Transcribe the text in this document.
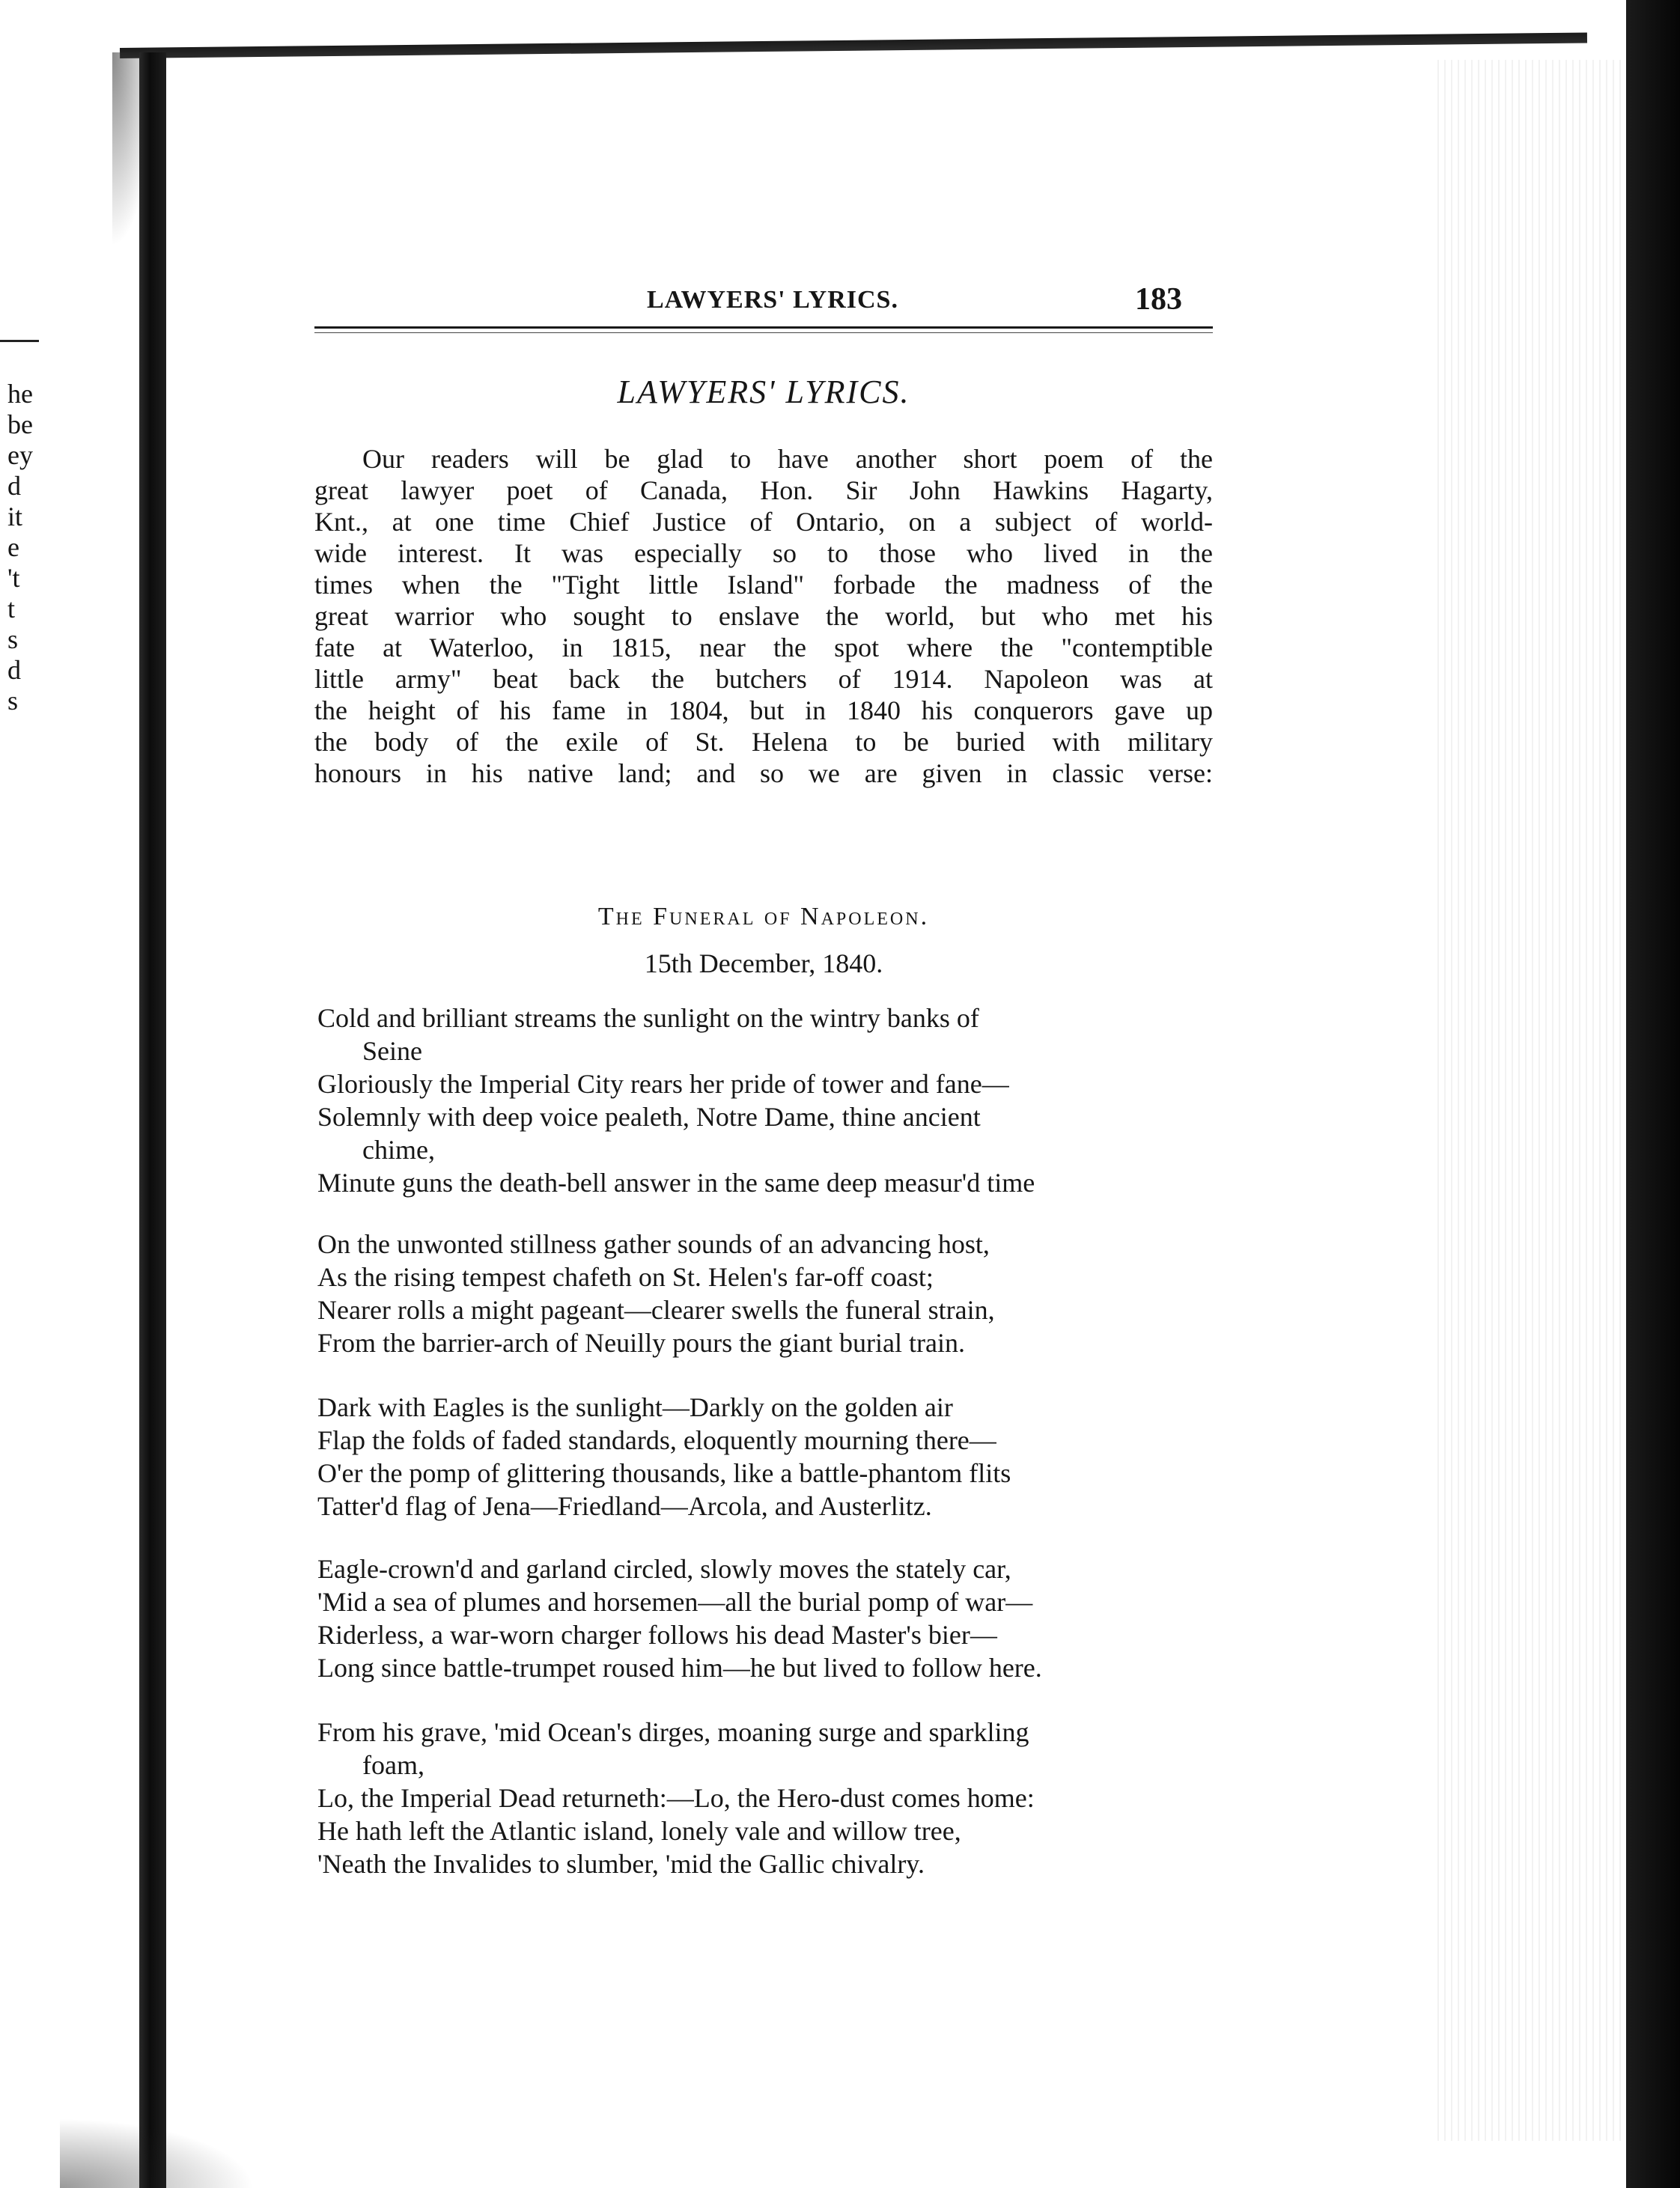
he
be
ey
d
it
e
't
t
s
d
s
LAWYERS' LYRICS.	183
LAWYERS' LYRICS.
Our readers will be glad to have another short poem of the
great lawyer poet of Canada, Hon. Sir John Hawkins Hagarty,
Knt., at one time Chief Justice of Ontario, on a subject of world-
wide interest. It was especially so to those who lived in the
times when the "Tight little Island" forbade the madness of the
great warrior who sought to enslave the world, but who met his
fate at Waterloo, in 1815, near the spot where the "contemptible
little army" beat back the butchers of 1914. Napoleon was at
the height of his fame in 1804, but in 1840 his conquerors gave up
the body of the exile of St. Helena to be buried with military
honours in his native land; and so we are given in classic verse:
The Funeral of Napoleon.
15th December, 1840.
Cold and brilliant streams the sunlight on the wintry banks of
Seine
Gloriously the Imperial City rears her pride of tower and fane—
Solemnly with deep voice pealeth, Notre Dame, thine ancient
chime,
Minute guns the death-bell answer in the same deep measur'd time
On the unwonted stillness gather sounds of an advancing host,
As the rising tempest chafeth on St. Helen's far-off coast;
Nearer rolls a might pageant—clearer swells the funeral strain,
From the barrier-arch of Neuilly pours the giant burial train.
Dark with Eagles is the sunlight—Darkly on the golden air
Flap the folds of faded standards, eloquently mourning there—
O'er the pomp of glittering thousands, like a battle-phantom flits
Tatter'd flag of Jena—Friedland—Arcola, and Austerlitz.
Eagle-crown'd and garland circled, slowly moves the stately car,
'Mid a sea of plumes and horsemen—all the burial pomp of war—
Riderless, a war-worn charger follows his dead Master's bier—
Long since battle-trumpet roused him—he but lived to follow here.
From his grave, 'mid Ocean's dirges, moaning surge and sparkling
foam,
Lo, the Imperial Dead returneth:—Lo, the Hero-dust comes home:
He hath left the Atlantic island, lonely vale and willow tree,
'Neath the Invalides to slumber, 'mid the Gallic chivalry.
